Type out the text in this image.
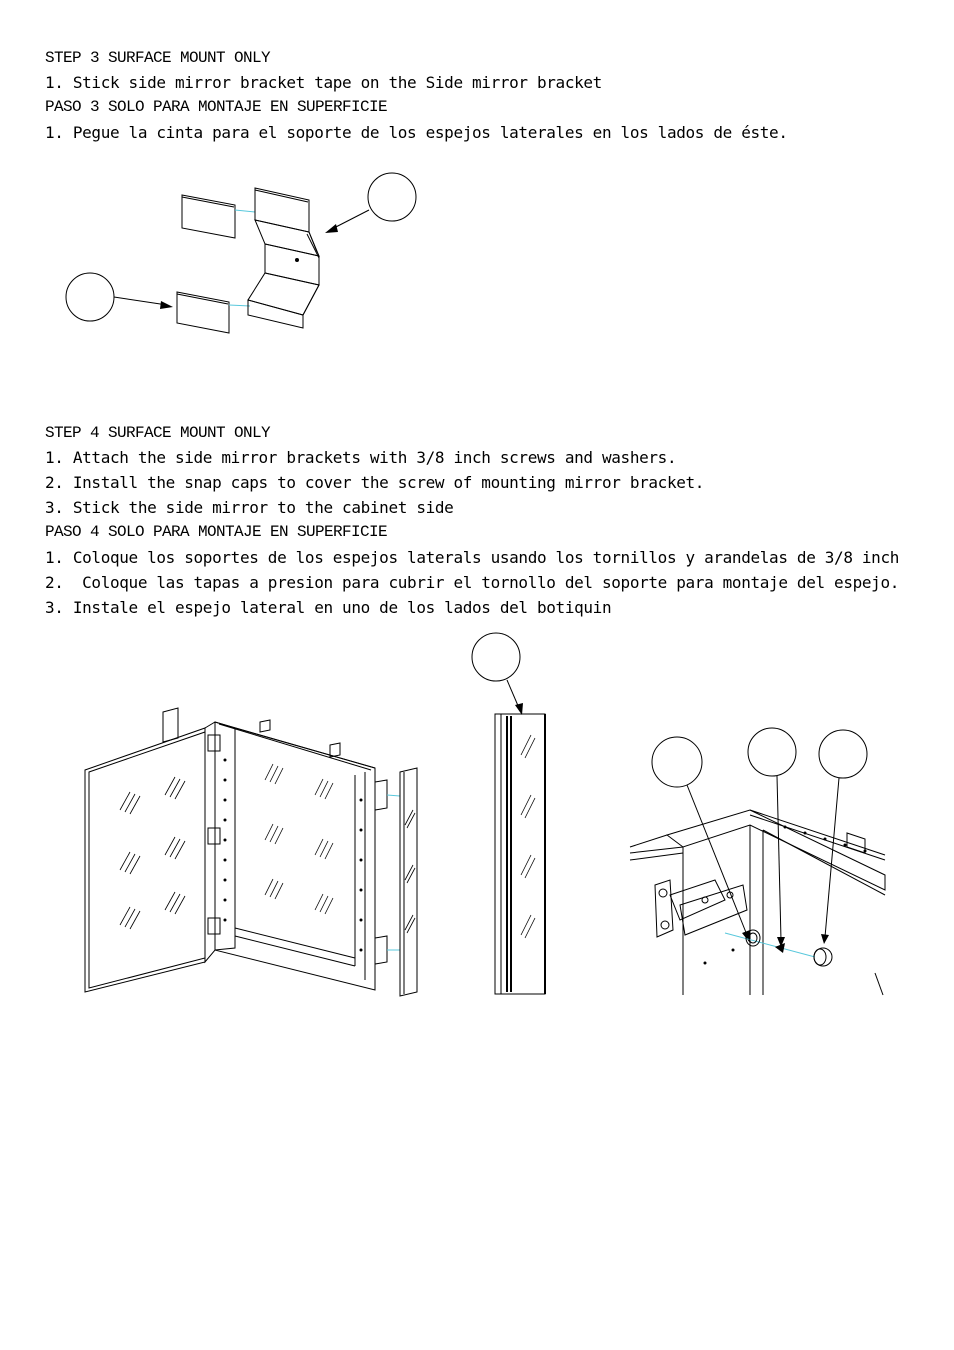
STEP 3 SURFACE MOUNT ONLY
1. Stick side mirror bracket tape on the Side mirror bracket
PASO 3 SOLO PARA MONTAJE EN SUPERFICIE
1. Pegue la cinta para el soporte de los espejos laterales en los lados de éste.
STEP 4 SURFACE MOUNT ONLY
1. Attach the side mirror brackets with 3/8 inch screws and washers.
2. Install the snap caps to cover the screw of mounting mirror bracket.
3. Stick the side mirror to the cabinet side
PASO 4 SOLO PARA MONTAJE EN SUPERFICIE
1. Coloque los soportes de los espejos laterals usando los tornillos y arandelas de 3/8 inch
2.  Coloque las tapas a presion para cubrir el tornollo del soporte para montaje del espejo.
3. Instale el espejo lateral en uno de los lados del botiquin
